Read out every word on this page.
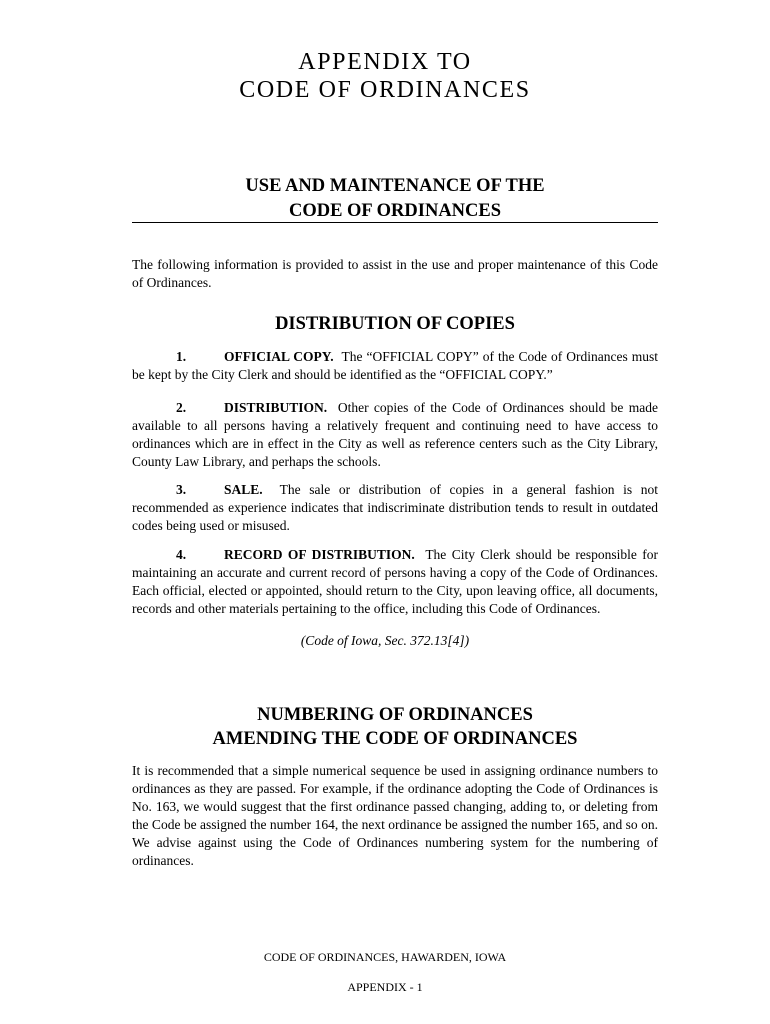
APPENDIX TO
CODE OF ORDINANCES
USE AND MAINTENANCE OF THE
CODE OF ORDINANCES

The following information is provided to assist in the use and proper maintenance of this Code of Ordinances.

DISTRIBUTION OF COPIES

1.	OFFICIAL COPY. The “OFFICIAL COPY” of the Code of Ordinances must be kept by the City Clerk and should be identified as the “OFFICIAL COPY.”

2.	DISTRIBUTION. Other copies of the Code of Ordinances should be made available to all persons having a relatively frequent and continuing need to have access to ordinances which are in effect in the City as well as reference centers such as the City Library, County Law Library, and perhaps the schools.

3.	SALE. The sale or distribution of copies in a general fashion is not recommended as experience indicates that indiscriminate distribution tends to result in outdated codes being used or misused.

4.	RECORD OF DISTRIBUTION. The City Clerk should be responsible for maintaining an accurate and current record of persons having a copy of the Code of Ordinances. Each official, elected or appointed, should return to the City, upon leaving office, all documents, records and other materials pertaining to the office, including this Code of Ordinances.

(Code of Iowa, Sec. 372.13[4])
NUMBERING OF ORDINANCES
AMENDING THE CODE OF ORDINANCES

It is recommended that a simple numerical sequence be used in assigning ordinance numbers to ordinances as they are passed. For example, if the ordinance adopting the Code of Ordinances is No. 163, we would suggest that the first ordinance passed changing, adding to, or deleting from the Code be assigned the number 164, the next ordinance be assigned the number 165, and so on. We advise against using the Code of Ordinances numbering system for the numbering of ordinances.

CODE OF ORDINANCES, HAWARDEN, IOWA
APPENDIX - 1
